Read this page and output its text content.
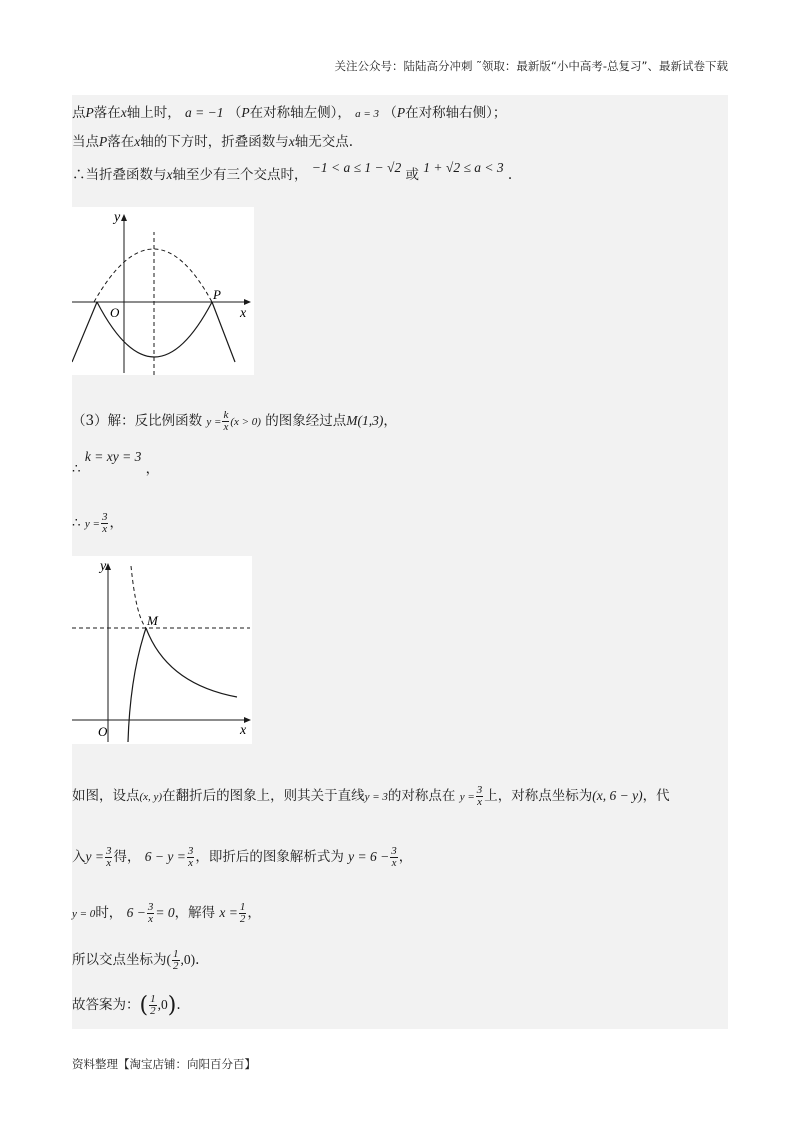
关注公众号：陆陆高分冲刺 ˜领取：最新版“小中高考-总复习”、最新试卷下载
点P落在x轴上时， a = −1 （P在对称轴左侧）， a = 3 （P在对称轴右侧）；
当点P落在x轴的下方时，折叠函数与x轴无交点.
∴当折叠函数与x轴至少有三个交点时， −1 < a ≤ 1 − √2 或 1 + √2 ≤ a < 3 .
y
x
O
P
（3）解：反比例函数 $y = \frac{k}{x} (x > 0)$ 的图象经过点M(1,3)，
∴ k = xy = 3 ，
∴ $y = \frac{3}{x}$ ，
y
x
O
M
如图，设点(x, y)在翻折后的图象上，则其关于直线y = 3的对称点在 $y = \frac{3}{x}$ 上，对称点坐标为(x, 6 − y)，代
入$y = \frac{3}{x}$ 得， $6 - y = \frac{3}{x}$ ，即折后的图象解析式为 $y = 6 - \frac{3}{x}$ ，
y = 0时， $6 - \frac{3}{x} = 0$，解得 $x = \frac{1}{2}$ ，
所以交点坐标为( $\frac{1}{2} ,0$).
故答案为：( $\frac{1}{2} ,0$).
资料整理【淘宝店铺：向阳百分百】
